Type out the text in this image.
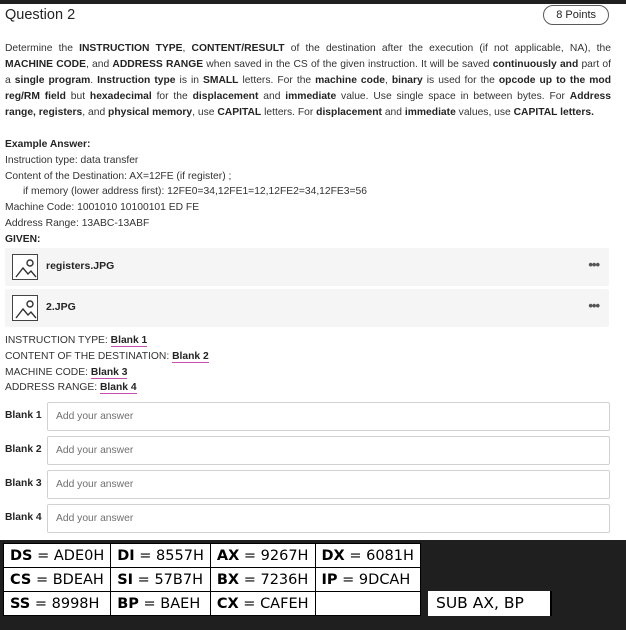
Question 2	8 Points
Determine the INSTRUCTION TYPE, CONTENT/RESULT of the destination after the execution (if not applicable, NA), the MACHINE CODE, and ADDRESS RANGE when saved in the CS of the given instruction. It will be saved continuously and part of a single program. Instruction type is in SMALL letters. For the machine code, binary is used for the opcode up to the mod reg/RM field but hexadecimal for the displacement and immediate value. Use single space in between bytes. For Address range, registers, and physical memory, use CAPITAL letters. For displacement and immediate values, use CAPITAL letters.
Example Answer:
Instruction type: data transfer
Content of the Destination: AX=12FE (if register) ;
if memory (lower address first): 12FE0=34,12FE1=12,12FE2=34,12FE3=56
Machine Code: 1001010 10100101 ED FE
Address Range: 13ABC-13ABF
GIVEN:
registers.JPG	•••
2.JPG	•••
INSTRUCTION TYPE: Blank 1
CONTENT OF THE DESTINATION: Blank 2
MACHINE CODE: Blank 3
ADDRESS RANGE: Blank 4
Blank 1	Add your answer
Blank 2	Add your answer
Blank 3	Add your answer
Blank 4	Add your answer
DS = ADE0H	DI = 8557H	AX = 9267H	DX = 6081H
CS = BDEAH	SI = 57B7H	BX = 7236H	IP = 9DCAH
SS = 8998H	BP = BAEH	CX = CAFEH		SUB AX, BP
